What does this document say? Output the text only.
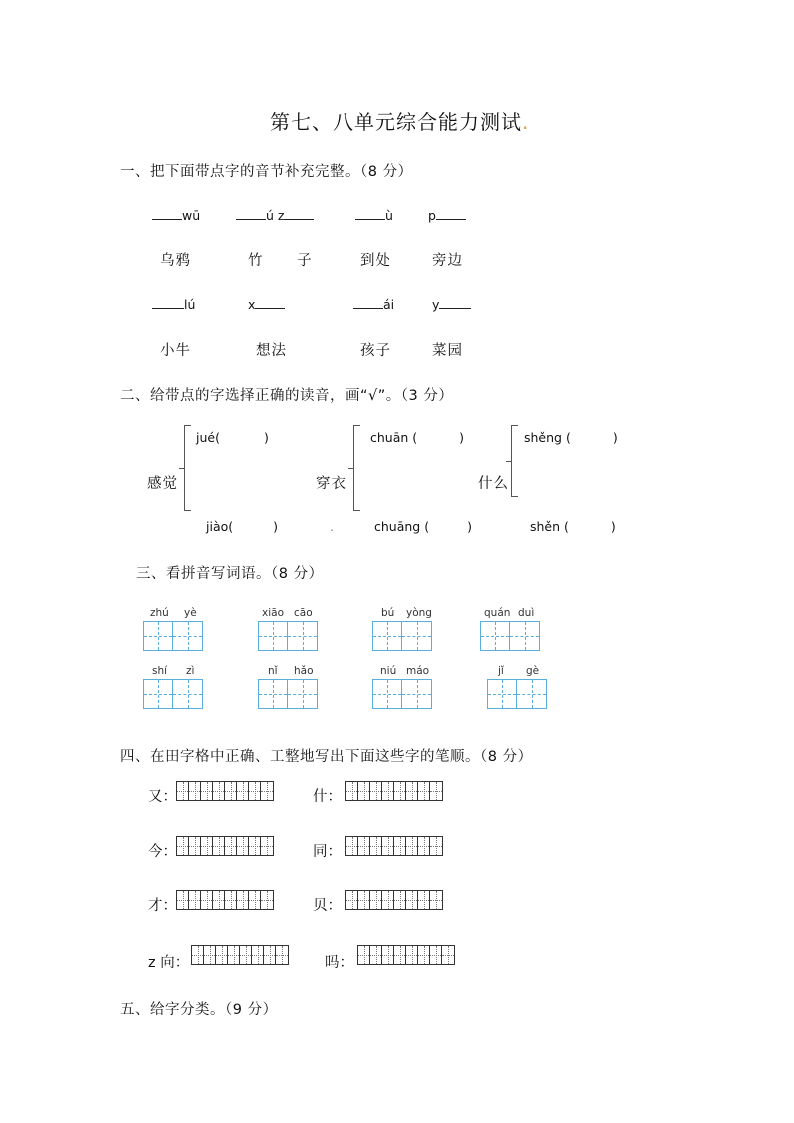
第七、八单元综合能力测试.
一、把下面带点字的音节补充完整。（8 分）
wū	ú z	ù	p
乌鸦	竹 子	到处	旁边
lú	x	ái	y
小牛	想法	孩子	菜园
二、给带点的字选择正确的读音，画“√”。（3 分）
感觉
jué(	)
jiào(	)
穿衣
chuān (	)
chuāng (	)
.
什么
shěng (	)
shěn (	)
三、看拼音写词语。（8 分）
zhú yè	xiāo cāo	bú yòng	quán duì
shí zì	nǐ hǎo	niú máo	jǐ gè
四、在田字格中正确、工整地写出下面这些字的笔顺。（8 分）
又：	什：
今：	同：
才：	贝：
z 向：	吗：
五、给字分类。（9 分）
